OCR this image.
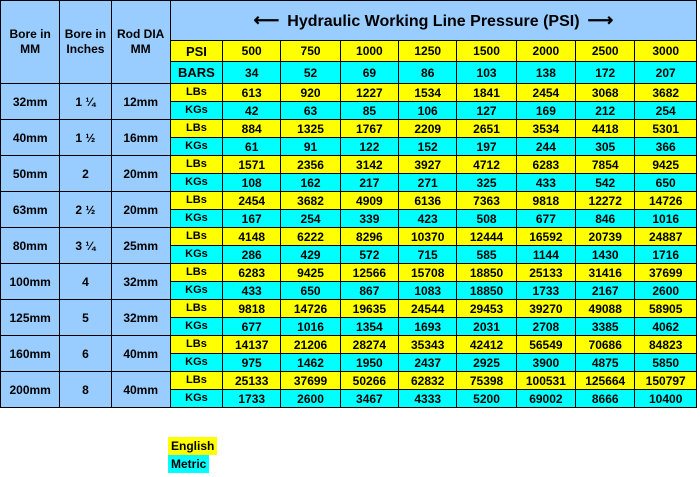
Bore in MM	Bore in Inches	Rod DIA MM	⟵ Hydraulic Working Line Pressure (PSI) ⟶								
			PSI	500	750	1000	1250	1500	2000	2500	3000
			BARS	34	52	69	86	103	138	172	207
32mm	1 ¼	12mm	LBs	613	920	1227	1534	1841	2454	3068	3682
			KGs	42	63	85	106	127	169	212	254
40mm	1 ½	16mm	LBs	884	1325	1767	2209	2651	3534	4418	5301
			KGs	61	91	122	152	197	244	305	366
50mm	2	20mm	LBs	1571	2356	3142	3927	4712	6283	7854	9425
			KGs	108	162	217	271	325	433	542	650
63mm	2 ½	20mm	LBs	2454	3682	4909	6136	7363	9818	12272	14726
			KGs	167	254	339	423	508	677	846	1016
80mm	3 ¼	25mm	LBs	4148	6222	8296	10370	12444	16592	20739	24887
			KGs	286	429	572	715	585	1144	1430	1716
100mm	4	32mm	LBs	6283	9425	12566	15708	18850	25133	31416	37699
			KGs	433	650	867	1083	18850	1733	2167	2600
125mm	5	32mm	LBs	9818	14726	19635	24544	29453	39270	49088	58905
			KGs	677	1016	1354	1693	2031	2708	3385	4062
160mm	6	40mm	LBs	14137	21206	28274	35343	42412	56549	70686	84823
			KGs	975	1462	1950	2437	2925	3900	4875	5850
200mm	8	40mm	LBs	25133	37699	50266	62832	75398	100531	125664	150797
			KGs	1733	2600	3467	4333	5200	69002	8666	10400
English
Metric
